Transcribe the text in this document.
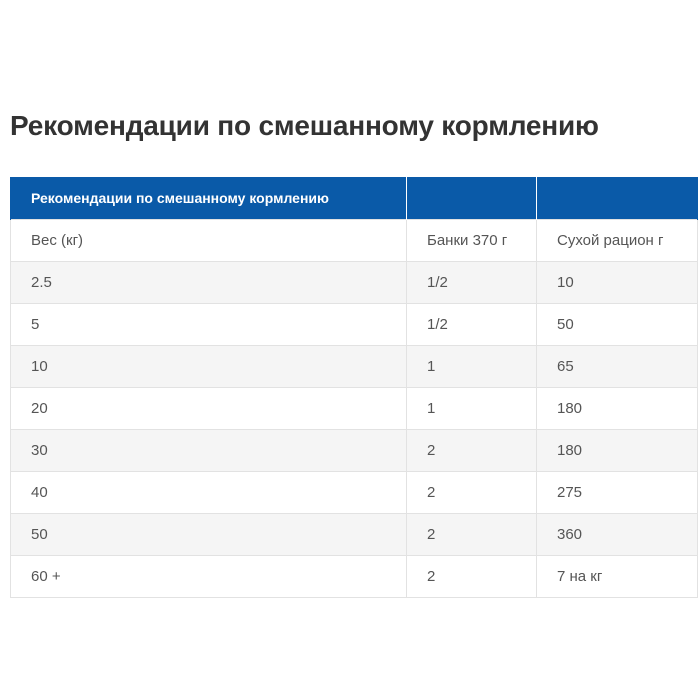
Рекомендации по смешанному кормлению
Рекомендации по смешанному кормлению		
Вес (кг)	Банки 370 г	Сухой рацион г
2.5	1/2	10
5	1/2	50
10	1	65
20	1	180
30	2	180
40	2	275
50	2	360
60 +	2	7 на кг
